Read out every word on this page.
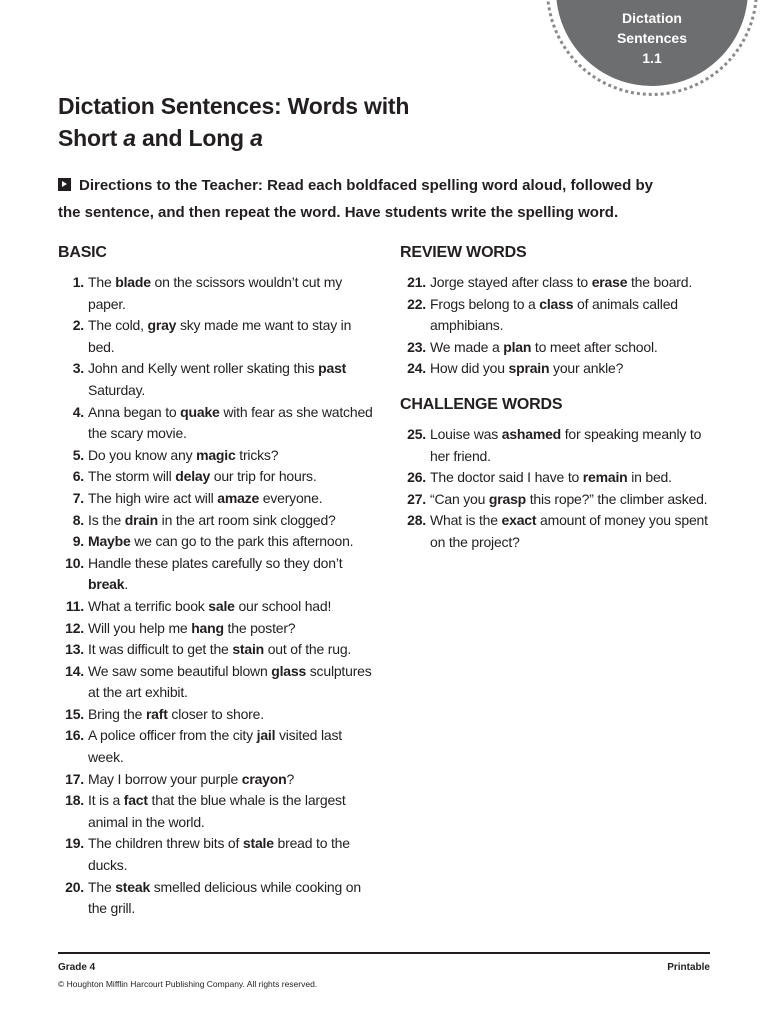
Dictation
Sentences
1.1
Dictation Sentences: Words with
Short a and Long a
Directions to the Teacher: Read each boldfaced spelling word aloud, followed by the sentence, and then repeat the word. Have students write the spelling word.
BASIC
1. The blade on the scissors wouldn’t cut my paper.
2. The cold, gray sky made me want to stay in bed.
3. John and Kelly went roller skating this past Saturday.
4. Anna began to quake with fear as she watched the scary movie.
5. Do you know any magic tricks?
6. The storm will delay our trip for hours.
7. The high wire act will amaze everyone.
8. Is the drain in the art room sink clogged?
9. Maybe we can go to the park this afternoon.
10. Handle these plates carefully so they don’t break.
11. What a terrific book sale our school had!
12. Will you help me hang the poster?
13. It was difficult to get the stain out of the rug.
14. We saw some beautiful blown glass sculptures at the art exhibit.
15. Bring the raft closer to shore.
16. A police officer from the city jail visited last week.
17. May I borrow your purple crayon?
18. It is a fact that the blue whale is the largest animal in the world.
19. The children threw bits of stale bread to the ducks.
20. The steak smelled delicious while cooking on the grill.
REVIEW WORDS
21. Jorge stayed after class to erase the board.
22. Frogs belong to a class of animals called amphibians.
23. We made a plan to meet after school.
24. How did you sprain your ankle?
CHALLENGE WORDS
25. Louise was ashamed for speaking meanly to her friend.
26. The doctor said I have to remain in bed.
27. “Can you grasp this rope?” the climber asked.
28. What is the exact amount of money you spent on the project?
Grade 4
© Houghton Mifflin Harcourt Publishing Company. All rights reserved.
Printable
